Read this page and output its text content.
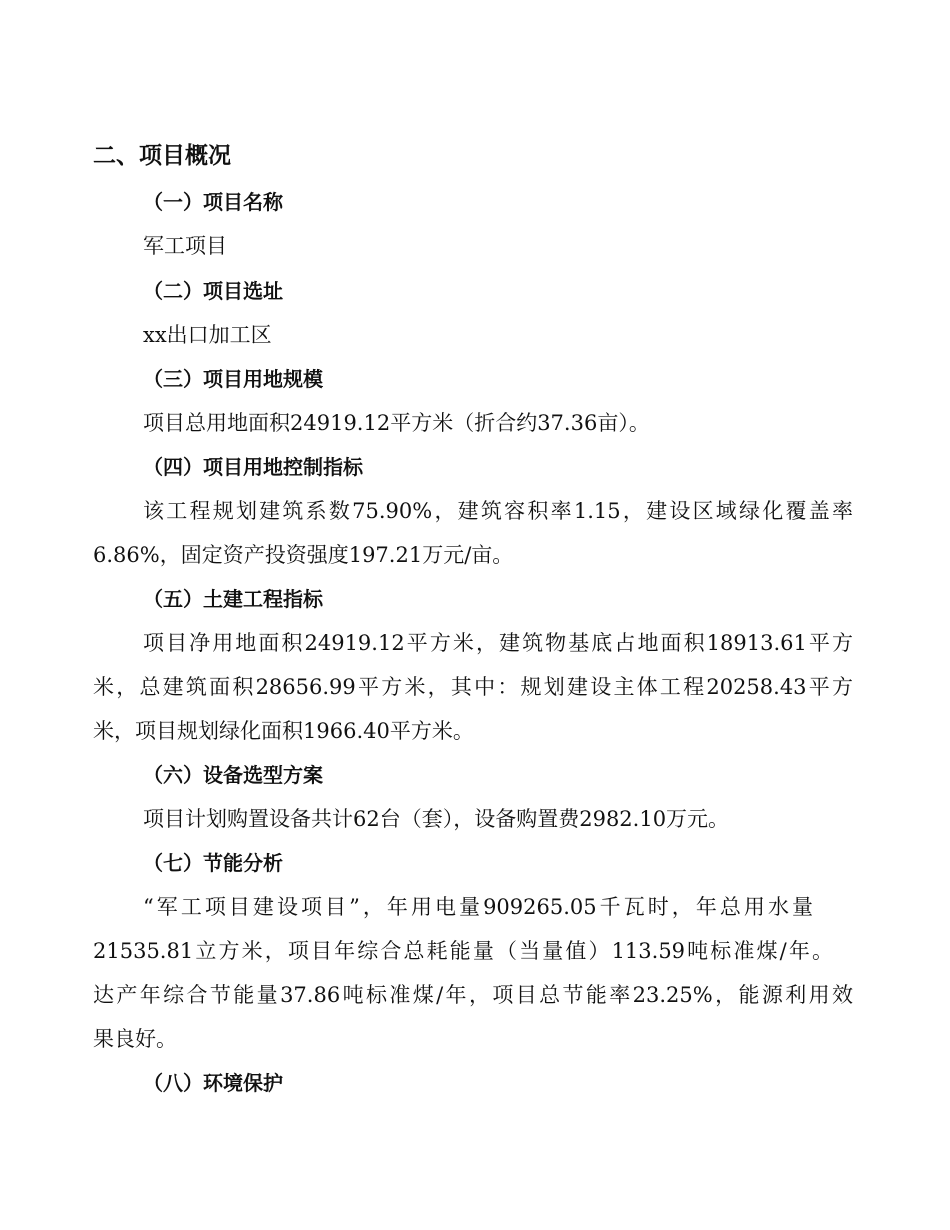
二、项目概况
（一）项目名称
军工项目
（二）项目选址
xx出口加工区
（三）项目用地规模
项目总用地面积24919.12平方米（折合约37.36亩）。
（四）项目用地控制指标
该工程规划建筑系数75.90%，建筑容积率1.15，建设区域绿化覆盖率
6.86%，固定资产投资强度197.21万元/亩。
（五）土建工程指标
项目净用地面积24919.12平方米，建筑物基底占地面积18913.61平方
米，总建筑面积28656.99平方米，其中：规划建设主体工程20258.43平方
米，项目规划绿化面积1966.40平方米。
（六）设备选型方案
项目计划购置设备共计62台（套），设备购置费2982.10万元。
（七）节能分析
“军工项目建设项目”，年用电量909265.05千瓦时，年总用水量
21535.81立方米，项目年综合总耗能量（当量值）113.59吨标准煤/年。
达产年综合节能量37.86吨标准煤/年，项目总节能率23.25%，能源利用效
果良好。
（八）环境保护
